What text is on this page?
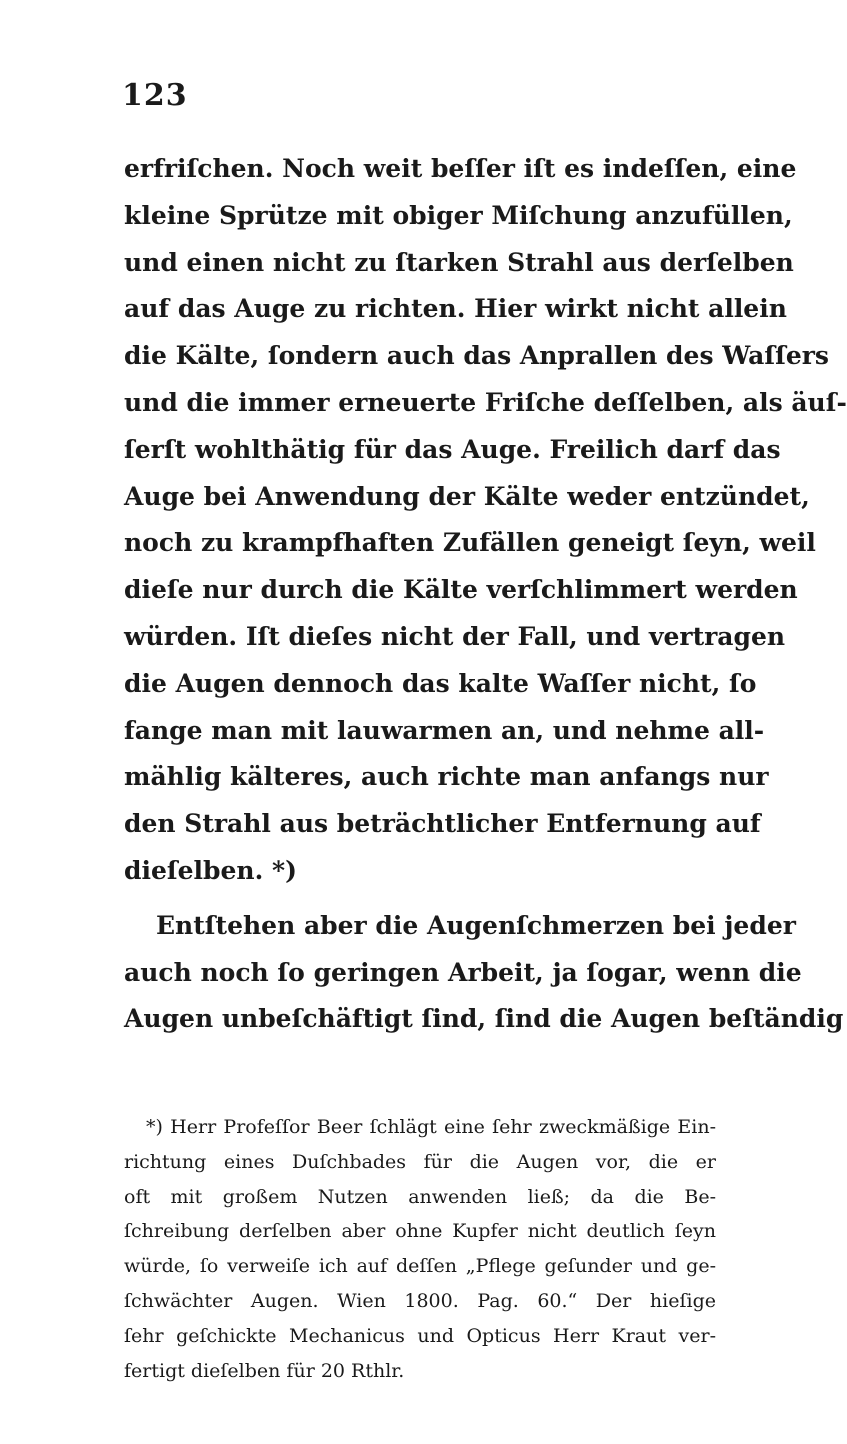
123
erfriſchen. Noch weit beſſer iſt es indeſſen, eine
kleine Sprütze mit obiger Miſchung anzufüllen,
und einen nicht zu ſtarken Strahl aus derſelben
auf das Auge zu richten. Hier wirkt nicht allein
die Kälte, ſondern auch das Anprallen des Waſſers
und die immer erneuerte Friſche deſſelben, als äuſ-
ſerſt wohlthätig für das Auge. Freilich darf das
Auge bei Anwendung der Kälte weder entzündet,
noch zu krampfhaften Zufällen geneigt ſeyn, weil
dieſe nur durch die Kälte verſchlimmert werden
würden. Iſt dieſes nicht der Fall, und vertragen
die Augen dennoch das kalte Waſſer nicht, ſo
fange man mit lauwarmen an, und nehme all-
mählig kälteres, auch richte man anfangs nur
den Strahl aus beträchtlicher Entfernung auf
dieſelben. *)
Entſtehen aber die Augenſchmerzen bei jeder
auch noch ſo geringen Arbeit, ja ſogar, wenn die
Augen unbeſchäftigt ſind, ſind die Augen beſtändig
*) Herr Profeſſor Beer ſchlägt eine ſehr zweckmäßige Ein-
richtung eines Duſchbades für die Augen vor, die er
oft mit großem Nutzen anwenden ließ; da die Be-
ſchreibung derſelben aber ohne Kupfer nicht deutlich ſeyn
würde, ſo verweiſe ich auf deſſen „Pflege geſunder und ge-
ſchwächter Augen. Wien 1800. Pag. 60.“ Der hieſige
ſehr geſchickte Mechanicus und Opticus Herr Kraut ver-
fertigt dieſelben für 20 Rthlr.
